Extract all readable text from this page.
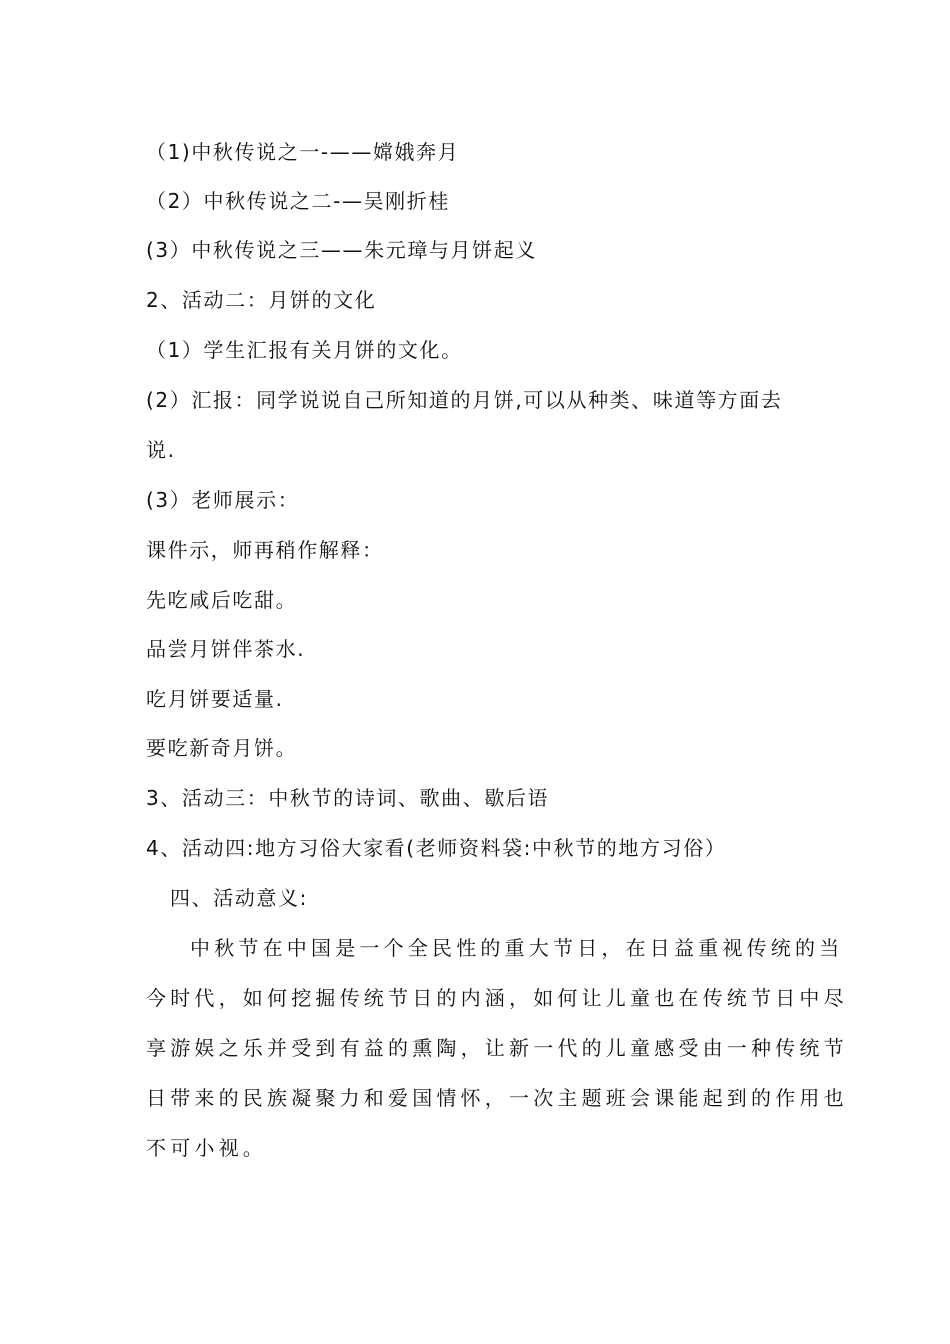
（1)中秋传说之一-——嫦娥奔月
（2）中秋传说之二-—吴刚折桂
(3）中秋传说之三——朱元璋与月饼起义
2、活动二：月饼的文化
（1）学生汇报有关月饼的文化。
(2）汇报：同学说说自己所知道的月饼,可以从种类、味道等方面去
说.
(3）老师展示：
课件示，师再稍作解释：
先吃咸后吃甜。
品尝月饼伴茶水.
吃月饼要适量.
要吃新奇月饼。
3、活动三：中秋节的诗词、歌曲、歇后语
4、活动四:地方习俗大家看(老师资料袋:中秋节的地方习俗）
四、活动意义:
中秋节在中国是一个全民性的重大节日，在日益重视传统的当
今时代，如何挖掘传统节日的内涵，如何让儿童也在传统节日中尽
享游娱之乐并受到有益的熏陶，让新一代的儿童感受由一种传统节
日带来的民族凝聚力和爱国情怀，一次主题班会课能起到的作用也
不可小视。
